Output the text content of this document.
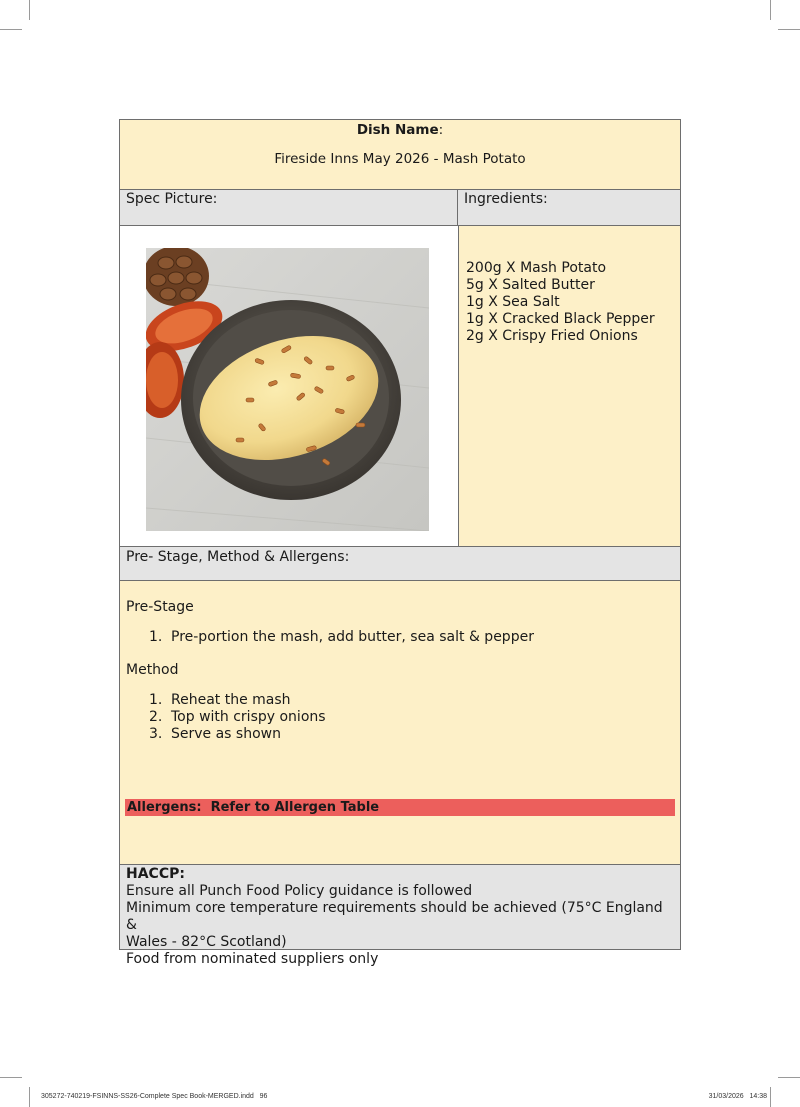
Dish Name:
Fireside Inns May 2026 - Mash Potato
Spec Picture:	Ingredients:
200g X Mash Potato
5g X Salted Butter
1g X Sea Salt
1g X Cracked Black Pepper
2g X Crispy Fried Onions
Pre- Stage, Method & Allergens:
Pre-Stage
1. Pre-portion the mash, add butter, sea salt & pepper
Method
1. Reheat the mash
2. Top with crispy onions
3. Serve as shown
Allergens:  Refer to Allergen Table
HACCP:
Ensure all Punch Food Policy guidance is followed
Minimum core temperature requirements should be achieved (75°C England &
Wales - 82°C Scotland)
Food from nominated suppliers only
305272-740219-FSINNS-SS26-Complete Spec Book-MERGED.indd   96	31/03/2026   14:38
